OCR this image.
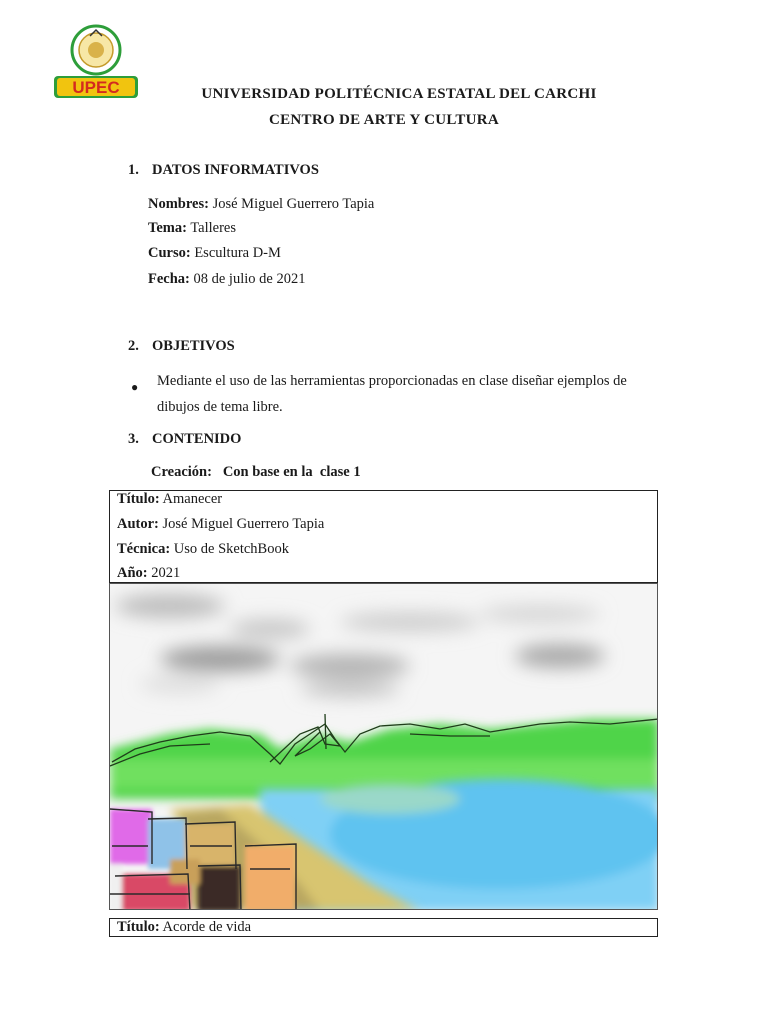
UPEC	UNIVERSIDAD POLITÉCNICA ESTATAL DEL CARCHI
CENTRO DE ARTE Y CULTURA
1. DATOS INFORMATIVOS
Nombres: José Miguel Guerrero Tapia
Tema: Talleres
Curso: Escultura D-M
Fecha: 08 de julio de 2021
2. OBJETIVOS
● Mediante el uso de las herramientas proporcionadas en clase diseñar ejemplos de
dibujos de tema libre.
3. CONTENIDO
Creación:   Con base en la  clase 1
Título: Amanecer
Autor: José Miguel Guerrero Tapia
Técnica: Uso de SketchBook
Año: 2021
Título: Acorde de vida
